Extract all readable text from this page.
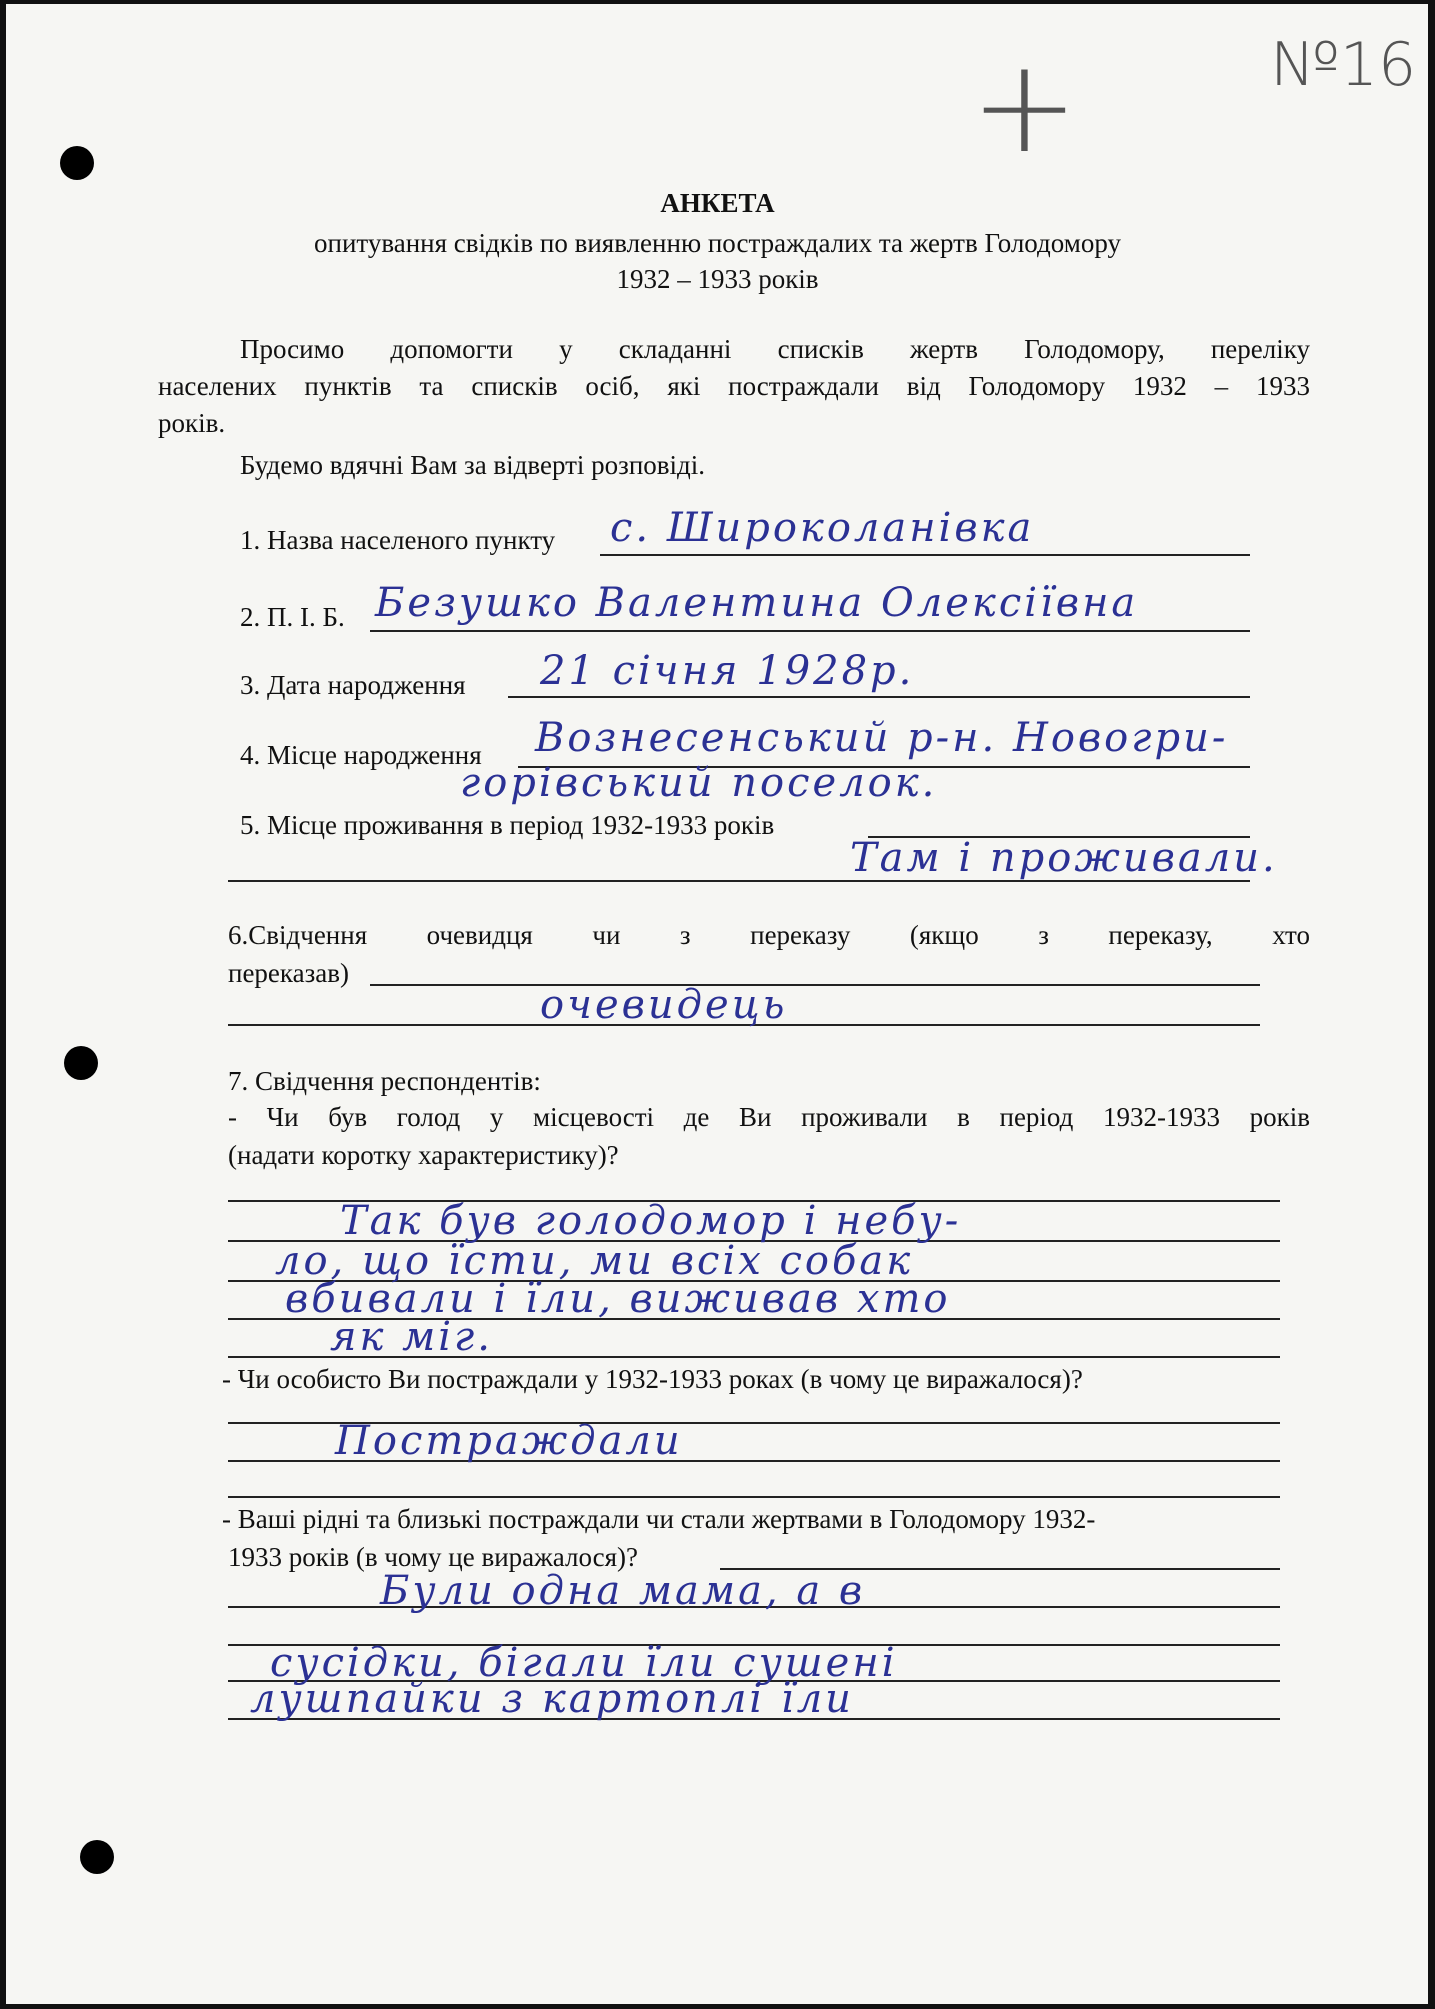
+	№16
АНКЕТА
опитування свідків по виявленню постраждалих та жертв Голодомору
1932 – 1933 років
Просимо допомогти у складанні списків жертв Голодомору, переліку
населених пунктів та списків осіб, які постраждали від Голодомору 1932 – 1933
років.
Будемо вдячні Вам за відверті розповіді.
1. Назва населеного пункту с. Широколанівка
2. П. І. Б. Безушко Валентина Олексіївна
3. Дата народження 21 січня 1928р.
4. Місце народження Вознесенський р-н. Новогри-
горівський поселок.
5. Місце проживання в період 1932-1933 років
Там і проживали.
6.Свідчення очевидця чи з переказу (якщо з переказу, хто
переказав)
очевидець
7. Свідчення респондентів:
- Чи був голод у місцевості де Ви проживали в період 1932-1933 років
(надати коротку характеристику)?
Так був голодомор і небу-
ло, що їсти, ми всіх собак
вбивали і їли, виживав хто
як міг.
- Чи особисто Ви постраждали у 1932-1933 роках (в чому це виражалося)?
Постраждали
- Ваші рідні та близькі постраждали чи стали жертвами в Голодомору 1932-
1933 років (в чому це виражалося)?
Були одна мама, а в
сусідки, бігали їли сушені
лушпайки з картоплі їли
